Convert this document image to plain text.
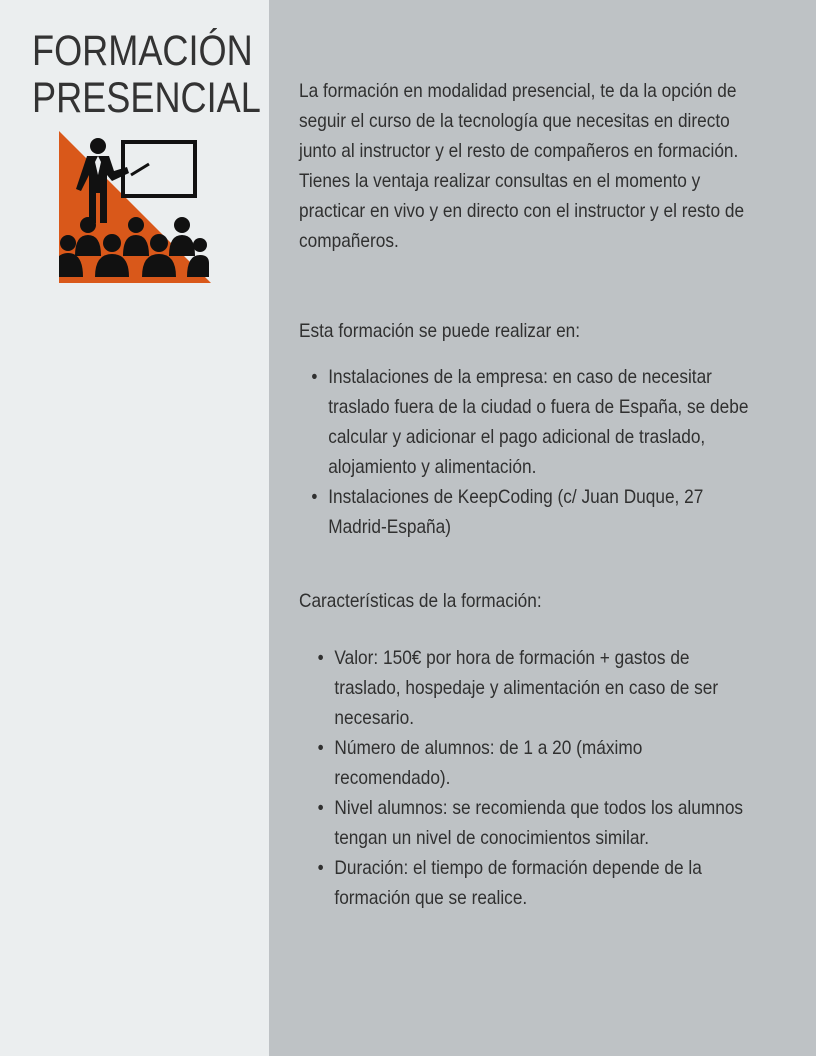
FORMACIÓN
PRESENCIAL La formación en modalidad presencial, te da la opción de seguir el curso de la tecnología que necesitas en directo junto al instructor y el resto de compañeros en formación. Tienes la ventaja realizar consultas en el momento y practicar en vivo y en directo con el instructor y el resto de compañeros.

Esta formación se puede realizar en:

• Instalaciones de la empresa: en caso de necesitar traslado fuera de la ciudad o fuera de España, se debe calcular y adicionar el pago adicional de traslado, alojamiento y alimentación.
• Instalaciones de KeepCoding (c/ Juan Duque, 27 Madrid-España)

Características de la formación:

• Valor: 150€ por hora de formación + gastos de traslado, hospedaje y alimentación en caso de ser necesario.
• Número de alumnos: de 1 a 20 (máximo recomendado).
• Nivel alumnos: se recomienda que todos los alumnos tengan un nivel de conocimientos similar.
• Duración: el tiempo de formación depende de la formación que se realice.
